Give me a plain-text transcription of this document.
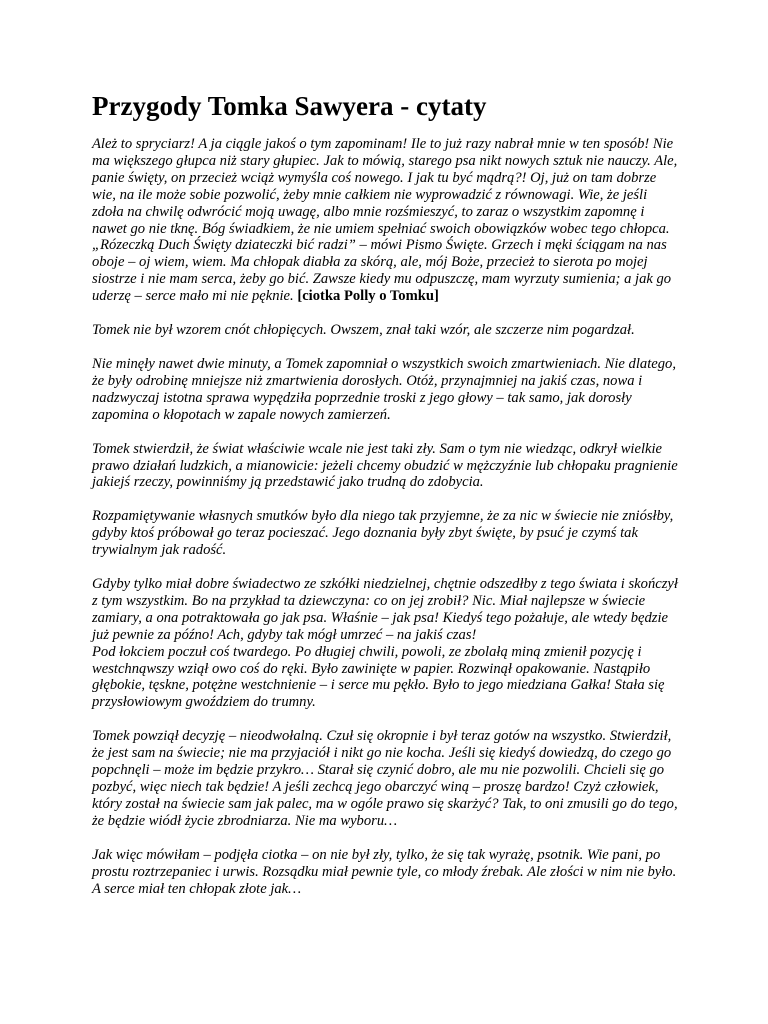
Przygody Tomka Sawyera - cytaty

Ależ to spryciarz! A ja ciągle jakoś o tym zapominam! Ile to już razy nabrał mnie w ten sposób! Nie ma większego głupca niż stary głupiec. Jak to mówią, starego psa nikt nowych sztuk nie nauczy. Ale, panie święty, on przecież wciąż wymyśla coś nowego. I jak tu być mądrą?! Oj, już on tam dobrze wie, na ile może sobie pozwolić, żeby mnie całkiem nie wyprowadzić z równowagi. Wie, że jeśli zdoła na chwilę odwrócić moją uwagę, albo mnie rozśmieszyć, to zaraz o wszystkim zapomnę i nawet go nie tknę. Bóg świadkiem, że nie umiem spełniać swoich obowiązków wobec tego chłopca. „Rózeczką Duch Święty dziateczki bić radzi” – mówi Pismo Święte. Grzech i męki ściągam na nas oboje – oj wiem, wiem. Ma chłopak diabła za skórą, ale, mój Boże, przecież to sierota po mojej siostrze i nie mam serca, żeby go bić. Zawsze kiedy mu odpuszczę, mam wyrzuty sumienia; a jak go uderzę – serce mało mi nie pęknie. [ciotka Polly o Tomku]

Tomek nie był wzorem cnót chłopięcych. Owszem, znał taki wzór, ale szczerze nim pogardzał.

Nie minęły nawet dwie minuty, a Tomek zapomniał o wszystkich swoich zmartwieniach. Nie dlatego, że były odrobinę mniejsze niż zmartwienia dorosłych. Otóż, przynajmniej na jakiś czas, nowa i nadzwyczaj istotna sprawa wypędziła poprzednie troski z jego głowy – tak samo, jak dorosły zapomina o kłopotach w zapale nowych zamierzeń.

Tomek stwierdził, że świat właściwie wcale nie jest taki zły. Sam o tym nie wiedząc, odkrył wielkie prawo działań ludzkich, a mianowicie: jeżeli chcemy obudzić w mężczyźnie lub chłopaku pragnienie jakiejś rzeczy, powinniśmy ją przedstawić jako trudną do zdobycia.

Rozpamiętywanie własnych smutków było dla niego tak przyjemne, że za nic w świecie nie zniósłby, gdyby ktoś próbował go teraz pocieszać. Jego doznania były zbyt święte, by psuć je czymś tak trywialnym jak radość.

Gdyby tylko miał dobre świadectwo ze szkółki niedzielnej, chętnie odszedłby z tego świata i skończył z tym wszystkim. Bo na przykład ta dziewczyna: co on jej zrobił? Nic. Miał najlepsze w świecie zamiary, a ona potraktowała go jak psa. Właśnie – jak psa! Kiedyś tego pożałuje, ale wtedy będzie już pewnie za późno! Ach, gdyby tak mógł umrzeć – na jakiś czas!
Pod łokciem poczuł coś twardego. Po długiej chwili, powoli, ze zbolałą miną zmienił pozycję i westchnąwszy wziął owo coś do ręki. Było zawinięte w papier. Rozwinął opakowanie. Nastąpiło głębokie, tęskne, potężne westchnienie – i serce mu pękło. Było to jego miedziana Gałka! Stała się przysłowiowym gwoździem do trumny.

Tomek powziął decyzję – nieodwołalną. Czuł się okropnie i był teraz gotów na wszystko. Stwierdził, że jest sam na świecie; nie ma przyjaciół i nikt go nie kocha. Jeśli się kiedyś dowiedzą, do czego go popchnęli – może im będzie przykro… Starał się czynić dobro, ale mu nie pozwolili. Chcieli się go pozbyć, więc niech tak będzie! A jeśli zechcą jego obarczyć winą – proszę bardzo! Czyż człowiek, który został na świecie sam jak palec, ma w ogóle prawo się skarżyć? Tak, to oni zmusili go do tego, że będzie wiódł życie zbrodniarza. Nie ma wyboru…

Jak więc mówiłam – podjęła ciotka – on nie był zły, tylko, że się tak wyrażę, psotnik. Wie pani, po prostu roztrzepaniec i urwis. Rozsądku miał pewnie tyle, co młody źrebak. Ale złości w nim nie było. A serce miał ten chłopak złote jak…
